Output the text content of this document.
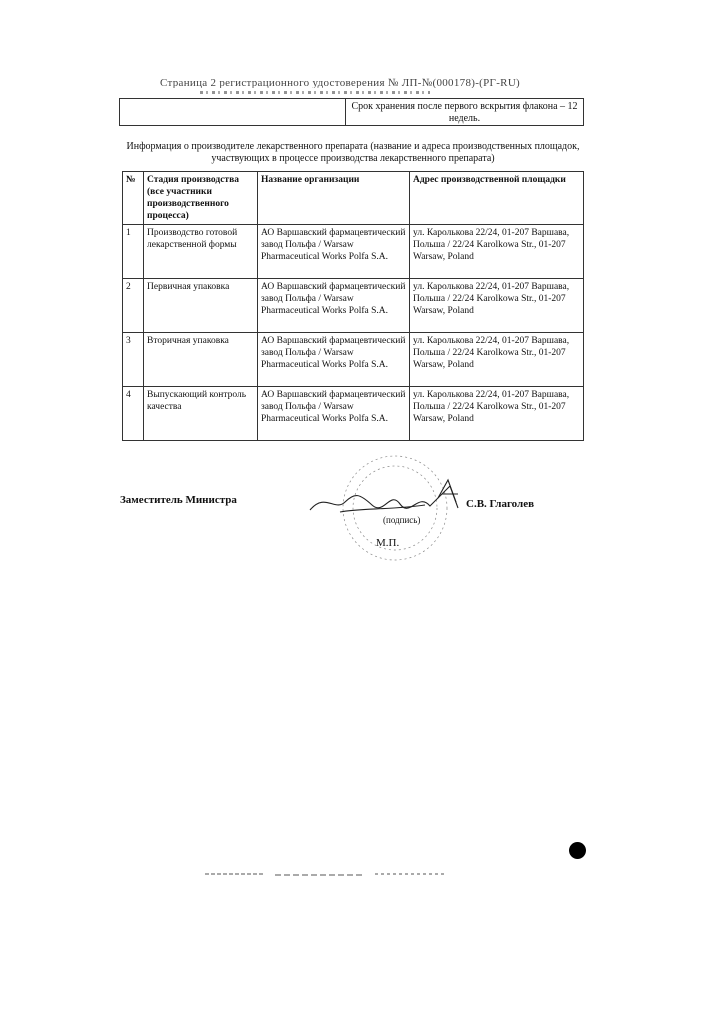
Страница 2 регистрационного удостоверения № ЛП-№(000178)-(РГ-RU)
Срок хранения после первого вскрытия флакона – 12 недель.
Информация о производителе лекарственного препарата (название и адреса производственных площадок, участвующих в процессе производства лекарственного препарата)
№	Стадия производства (все участники производственного процесса)	Название организации	Адрес производственной площадки
1	Производство готовой лекарственной формы	АО Варшавский фармацевтический завод Польфа / Warsaw Pharmaceutical Works Polfa S.A.	ул. Карольковa 22/24, 01-207 Варшава, Польша / 22/24 Karolkowa Str., 01-207 Warsaw, Poland
2	Первичная упаковка	АО Варшавский фармацевтический завод Польфа / Warsaw Pharmaceutical Works Polfa S.A.	ул. Карольковa 22/24, 01-207 Варшава, Польша / 22/24 Karolkowa Str., 01-207 Warsaw, Poland
3	Вторичная упаковка	АО Варшавский фармацевтический завод Польфа / Warsaw Pharmaceutical Works Polfa S.A.	ул. Карольковa 22/24, 01-207 Варшава, Польша / 22/24 Karolkowa Str., 01-207 Warsaw, Poland
4	Выпускающий контроль качества	АО Варшавский фармацевтический завод Польфа / Warsaw Pharmaceutical Works Polfa S.A.	ул. Карольковa 22/24, 01-207 Варшава, Польша / 22/24 Karolkowa Str., 01-207 Warsaw, Poland
Заместитель Министра	С.В. Глаголев
(подпись)
М.П.
